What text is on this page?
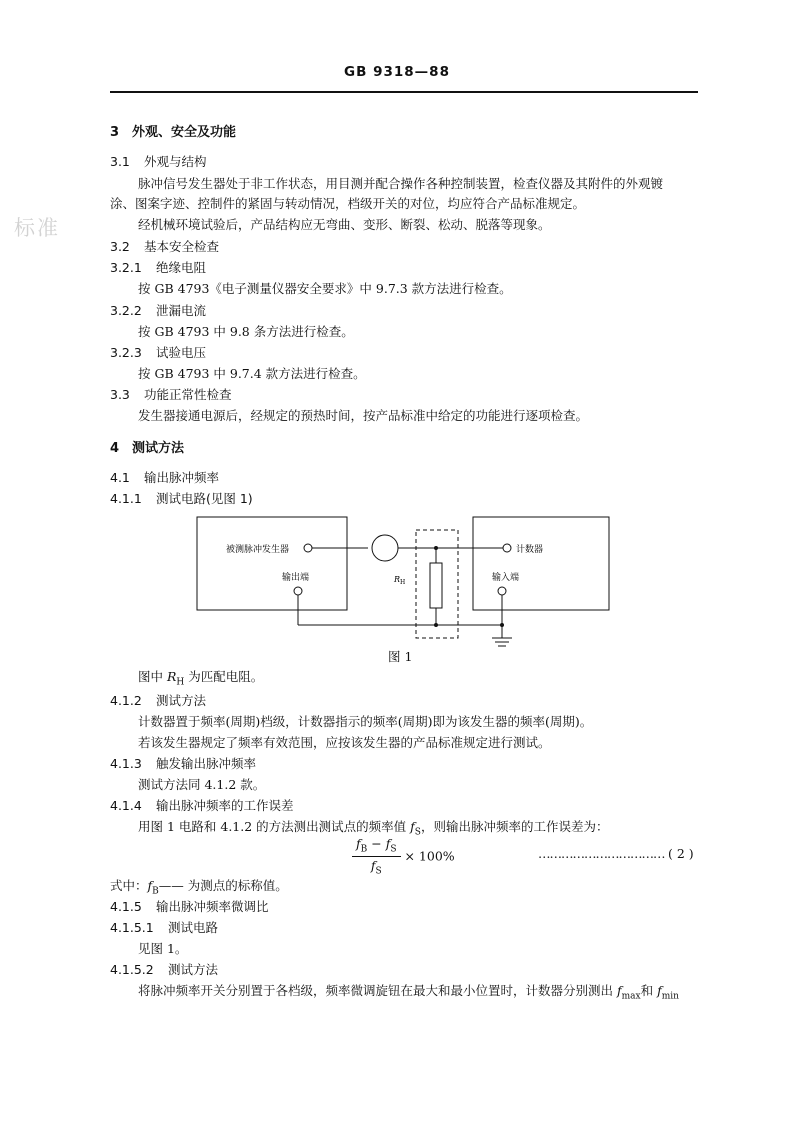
GB 9318—88
标准
3 外观、安全及功能
3.1 外观与结构
脉冲信号发生器处于非工作状态，用目测并配合操作各种控制装置，检查仪器及其附件的外观镀
涂、图案字迹、控制件的紧固与转动情况，档级开关的对位，均应符合产品标准规定。
经机械环境试验后，产品结构应无弯曲、变形、断裂、松动、脱落等现象。
3.2 基本安全检查
3.2.1 绝缘电阻
按 GB 4793《电子测量仪器安全要求》中 9.7.3 款方法进行检查。
3.2.2 泄漏电流
按 GB 4793 中 9.8 条方法进行检查。
3.2.3 试验电压
按 GB 4793 中 9.7.4 款方法进行检查。
3.3 功能正常性检查
发生器接通电源后，经规定的预热时间，按产品标准中给定的功能进行逐项检查。
4 测试方法
4.1 输出脉冲频率
4.1.1 测试电路(见图 1)
被测脉冲发生器
输出端	$R_H$
计数器
输入端
图 1
图中 $R_H$ 为匹配电阻。
4.1.2 测试方法
计数器置于频率(周期)档级，计数器指示的频率(周期)即为该发生器的频率(周期)。
若该发生器规定了频率有效范围，应按该发生器的产品标准规定进行测试。
4.1.3 触发输出脉冲频率
测试方法同 4.1.2 款。
4.1.4 输出脉冲频率的工作误差
用图 1 电路和 4.1.2 的方法测出测试点的频率值 $f_S$，则输出脉冲频率的工作误差为：
$\frac{f_B - f_S}{f_S} \times 100\%$	…………………………… ( 2 )
式中：$f_B——$ 为测点的标称值。
4.1.5 输出脉冲频率微调比
4.1.5.1 测试电路
见图 1。
4.1.5.2 测试方法
将脉冲频率开关分别置于各档级，频率微调旋钮在最大和最小位置时，计数器分别测出 $f_{max}$和 $f_{min}$
